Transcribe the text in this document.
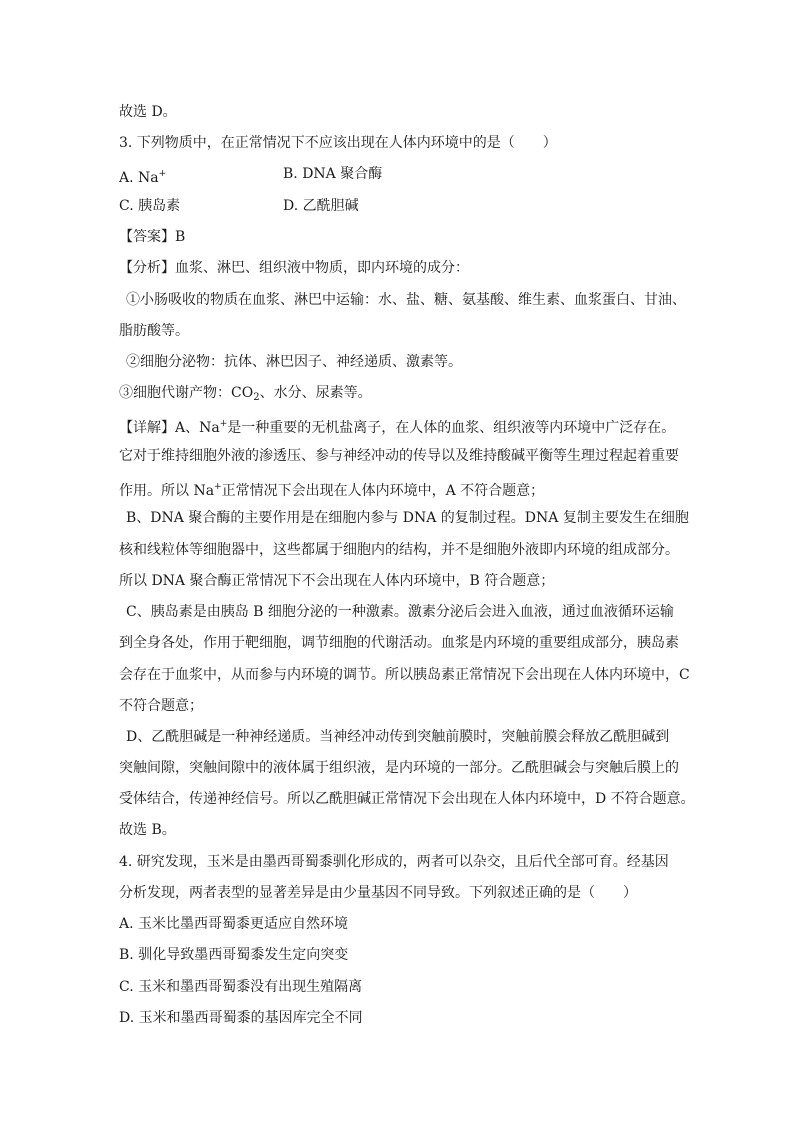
故选 D。
3. 下列物质中，在正常情况下不应该出现在人体内环境中的是（　　）
A. Na+	B. DNA 聚合酶
C. 胰岛素	D. 乙酰胆碱
【答案】B
【分析】血浆、淋巴、组织液中物质，即内环境的成分：
①小肠吸收的物质在血浆、淋巴中运输：水、盐、糖、氨基酸、维生素、血浆蛋白、甘油、
脂肪酸等。
②细胞分泌物：抗体、淋巴因子、神经递质、激素等。
③细胞代谢产物：$CO_2$、水分、尿素等。
【详解】A、Na+是一种重要的无机盐离子，在人体的血浆、组织液等内环境中广泛存在。
它对于维持细胞外液的渗透压、参与神经冲动的传导以及维持酸碱平衡等生理过程起着重要
作用。所以 Na+正常情况下会出现在人体内环境中，A 不符合题意；
B、DNA 聚合酶的主要作用是在细胞内参与 DNA 的复制过程。DNA 复制主要发生在细胞
核和线粒体等细胞器中，这些都属于细胞内的结构，并不是细胞外液即内环境的组成部分。
所以 DNA 聚合酶正常情况下不会出现在人体内环境中，B 符合题意；
C、胰岛素是由胰岛 B 细胞分泌的一种激素。激素分泌后会进入血液，通过血液循环运输
到全身各处，作用于靶细胞，调节细胞的代谢活动。血浆是内环境的重要组成部分，胰岛素
会存在于血浆中，从而参与内环境的调节。所以胰岛素正常情况下会出现在人体内环境中，C
不符合题意；
D、乙酰胆碱是一种神经递质。当神经冲动传到突触前膜时，突触前膜会释放乙酰胆碱到
突触间隙，突触间隙中的液体属于组织液，是内环境的一部分。乙酰胆碱会与突触后膜上的
受体结合，传递神经信号。所以乙酰胆碱正常情况下会出现在人体内环境中，D 不符合题意。
故选 B。
4. 研究发现，玉米是由墨西哥蜀黍驯化形成的，两者可以杂交，且后代全部可育。经基因
分析发现，两者表型的显著差异是由少量基因不同导致。下列叙述正确的是（　　）
A. 玉米比墨西哥蜀黍更适应自然环境
B. 驯化导致墨西哥蜀黍发生定向突变
C. 玉米和墨西哥蜀黍没有出现生殖隔离
D. 玉米和墨西哥蜀黍的基因库完全不同
